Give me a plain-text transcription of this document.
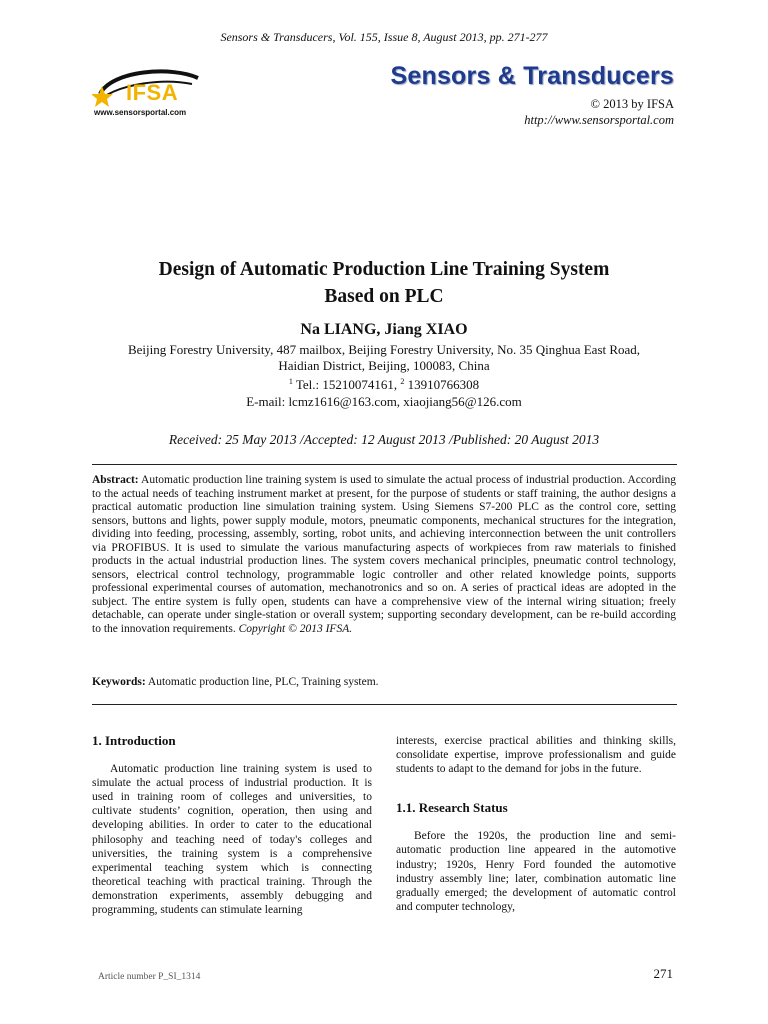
Sensors & Transducers, Vol. 155, Issue 8, August 2013, pp. 271-277
IFSA
www.sensorsportal.com
Sensors & Transducers
© 2013 by IFSA
http://www.sensorsportal.com
Design of Automatic Production Line Training System
Based on PLC
Na LIANG, Jiang XIAO
Beijing Forestry University, 487 mailbox, Beijing Forestry University, No. 35 Qinghua East Road,
Haidian District, Beijing, 100083, China
$^1$ Tel.: 15210074161, $^2$ 13910766308
E-mail: lcmz1616@163.com, xiaojiang56@126.com
Received: 25 May 2013 /Accepted: 12 August 2013 /Published: 20 August 2013
Abstract: Automatic production line training system is used to simulate the actual process of industrial production. According to the actual needs of teaching instrument market at present, for the purpose of students or staff training, the author designs a practical automatic production line simulation training system. Using Siemens S7-200 PLC as the control core, setting sensors, buttons and lights, power supply module, motors, pneumatic components, mechanical structures for the integration, dividing into feeding, processing, assembly, sorting, robot units, and achieving interconnection between the unit controllers via PROFIBUS. It is used to simulate the various manufacturing aspects of workpieces from raw materials to finished products in the actual industrial production lines. The system covers mechanical principles, pneumatic control technology, sensors, electrical control technology, programmable logic controller and other related knowledge points, supports professional experimental courses of automation, mechanotronics and so on. A series of practical ideas are adopted in the subject. The entire system is fully open, students can have a comprehensive view of the internal wiring situation; freely detachable, can operate under single-station or overall system; supporting secondary development, can be re-build according to the innovation requirements. Copyright © 2013 IFSA.
Keywords: Automatic production line, PLC, Training system.

1. Introduction

Automatic production line training system is used to simulate the actual process of industrial production. It is used in training room of colleges and universities, to cultivate students’ cognition, operation, then using and developing abilities. In order to cater to the educational philosophy and teaching need of today's colleges and universities, the training system is a comprehensive experimental teaching system which is connecting theoretical teaching with practical training. Through the demonstration experiments, assembly debugging and programming, students can stimulate learning

interests, exercise practical abilities and thinking skills, consolidate expertise, improve professionalism and guide students to adapt to the demand for jobs in the future.

1.1. Research Status

Before the 1920s, the production line and semi-automatic production line appeared in the automotive industry; 1920s, Henry Ford founded the automotive industry assembly line; later, combination automatic line gradually emerged; the development of automatic control and computer technology,

Article number P_SI_1314	271
